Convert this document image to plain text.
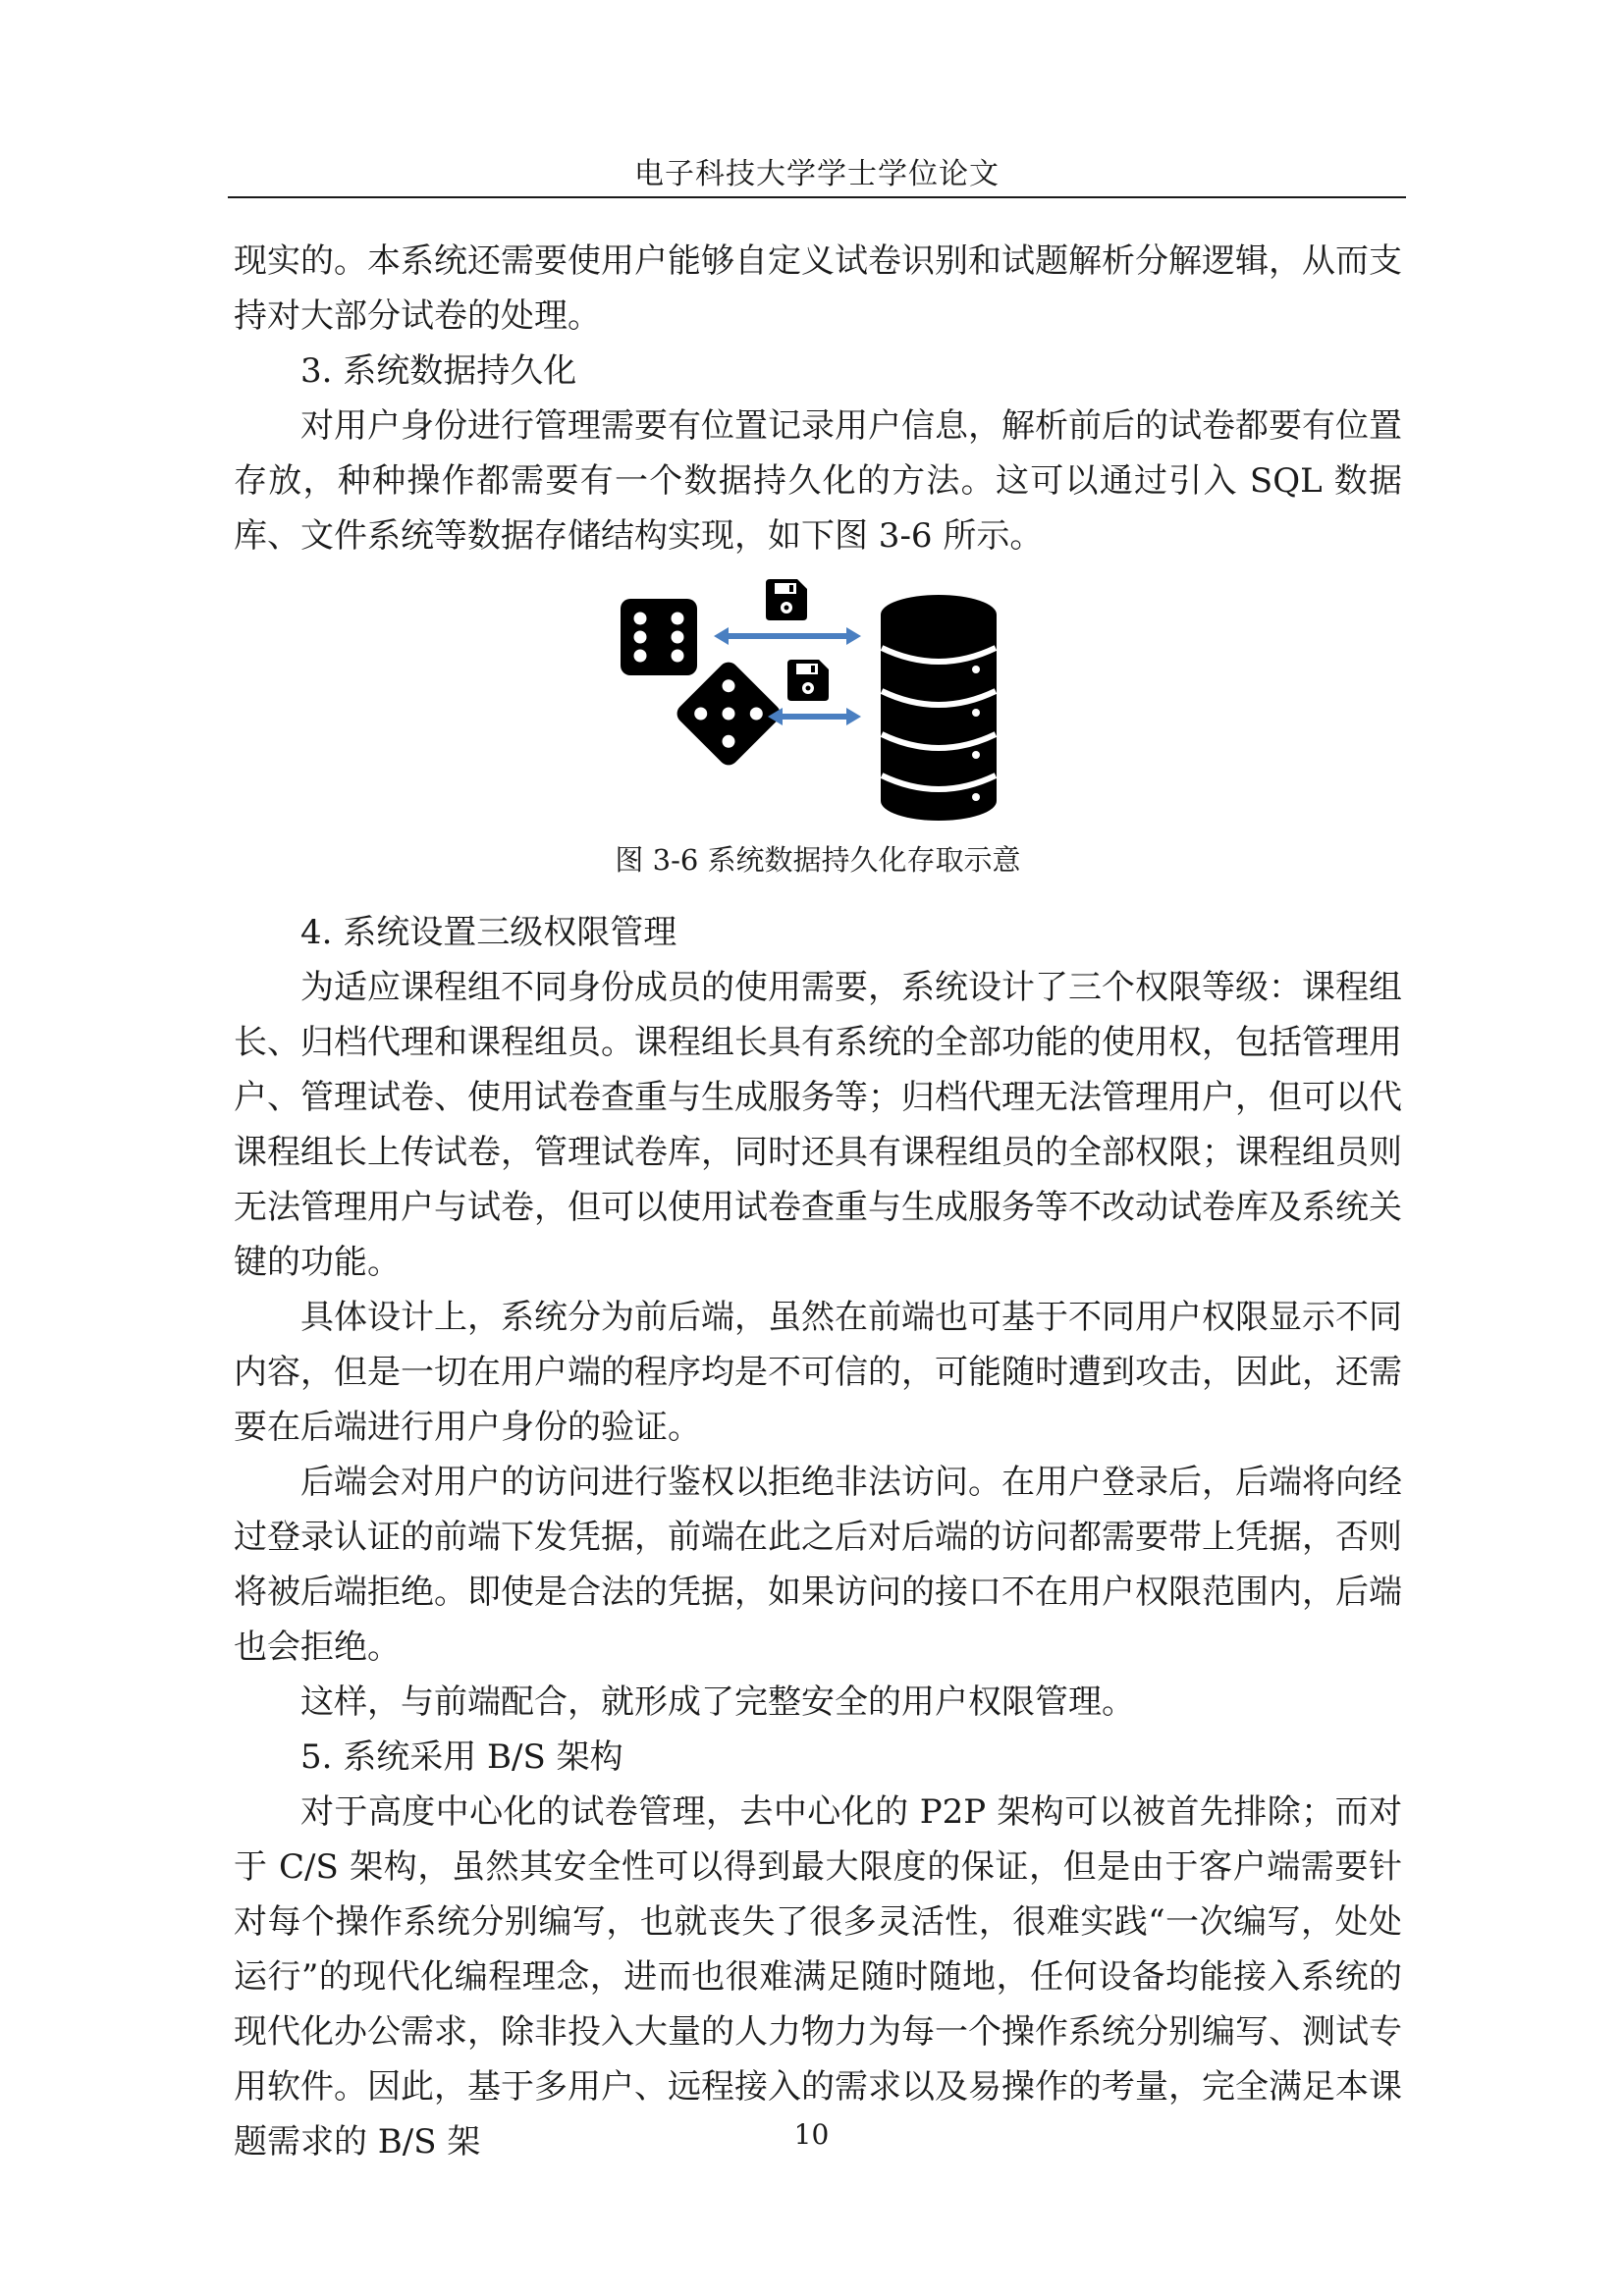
电子科技大学学士学位论文

现实的。本系统还需要使用户能够自定义试卷识别和试题解析分解逻辑，从而支持对大部分试卷的处理。

3. 系统数据持久化

对用户身份进行管理需要有位置记录用户信息，解析前后的试卷都要有位置存放，种种操作都需要有一个数据持久化的方法。这可以通过引入 SQL 数据库、文件系统等数据存储结构实现，如下图 3-6 所示。

图 3-6 系统数据持久化存取示意

4. 系统设置三级权限管理

为适应课程组不同身份成员的使用需要，系统设计了三个权限等级：课程组长、归档代理和课程组员。课程组长具有系统的全部功能的使用权，包括管理用户、管理试卷、使用试卷查重与生成服务等；归档代理无法管理用户，但可以代课程组长上传试卷，管理试卷库，同时还具有课程组员的全部权限；课程组员则无法管理用户与试卷，但可以使用试卷查重与生成服务等不改动试卷库及系统关键的功能。

具体设计上，系统分为前后端，虽然在前端也可基于不同用户权限显示不同内容，但是一切在用户端的程序均是不可信的，可能随时遭到攻击，因此，还需要在后端进行用户身份的验证。

后端会对用户的访问进行鉴权以拒绝非法访问。在用户登录后，后端将向经过登录认证的前端下发凭据，前端在此之后对后端的访问都需要带上凭据，否则将被后端拒绝。即使是合法的凭据，如果访问的接口不在用户权限范围内，后端也会拒绝。

这样，与前端配合，就形成了完整安全的用户权限管理。

5. 系统采用 B/S 架构

对于高度中心化的试卷管理，去中心化的 P2P 架构可以被首先排除；而对于 C/S 架构，虽然其安全性可以得到最大限度的保证，但是由于客户端需要针对每个操作系统分别编写，也就丧失了很多灵活性，很难实践“一次编写，处处运行”的现代化编程理念，进而也很难满足随时随地，任何设备均能接入系统的现代化办公需求，除非投入大量的人力物力为每一个操作系统分别编写、测试专用软件。因此，基于多用户、远程接入的需求以及易操作的考量，完全满足本课题需求的 B/S 架	10
